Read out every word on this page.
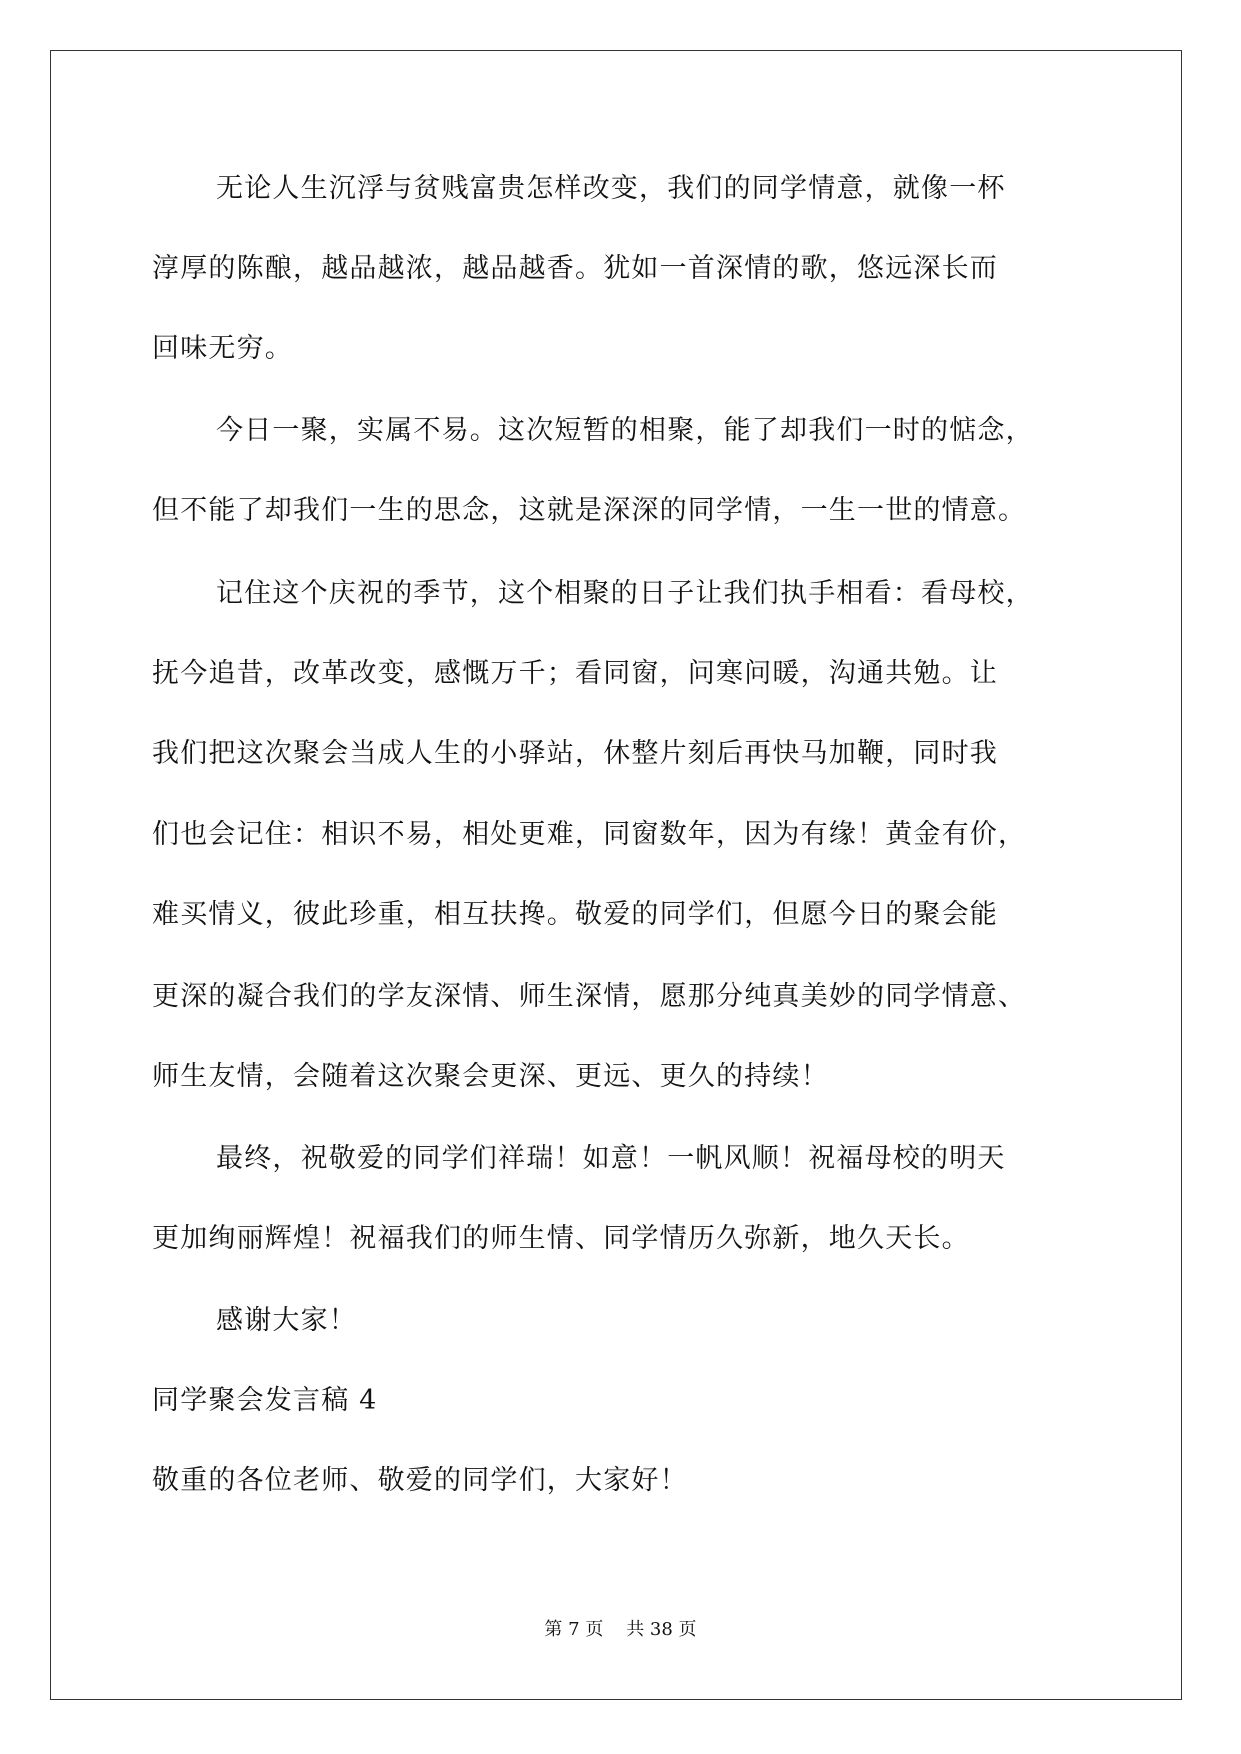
无论人生沉浮与贫贱富贵怎样改变，我们的同学情意，就像一杯
淳厚的陈酿，越品越浓，越品越香。犹如一首深情的歌，悠远深长而
回味无穷。
今日一聚，实属不易。这次短暂的相聚，能了却我们一时的惦念，
但不能了却我们一生的思念，这就是深深的同学情，一生一世的情意。
记住这个庆祝的季节，这个相聚的日子让我们执手相看：看母校，
抚今追昔，改革改变，感慨万千；看同窗，问寒问暖，沟通共勉。让
我们把这次聚会当成人生的小驿站，休整片刻后再快马加鞭，同时我
们也会记住：相识不易，相处更难，同窗数年，因为有缘！黄金有价，
难买情义，彼此珍重，相互扶搀。敬爱的同学们，但愿今日的聚会能
更深的凝合我们的学友深情、师生深情，愿那分纯真美妙的同学情意、
师生友情，会随着这次聚会更深、更远、更久的持续！
最终，祝敬爱的同学们祥瑞！如意！一帆风顺！祝福母校的明天
更加绚丽辉煌！祝福我们的师生情、同学情历久弥新，地久天长。
感谢大家！
同学聚会发言稿 4
敬重的各位老师、敬爱的同学们，大家好！
第 7 页    共 38 页
